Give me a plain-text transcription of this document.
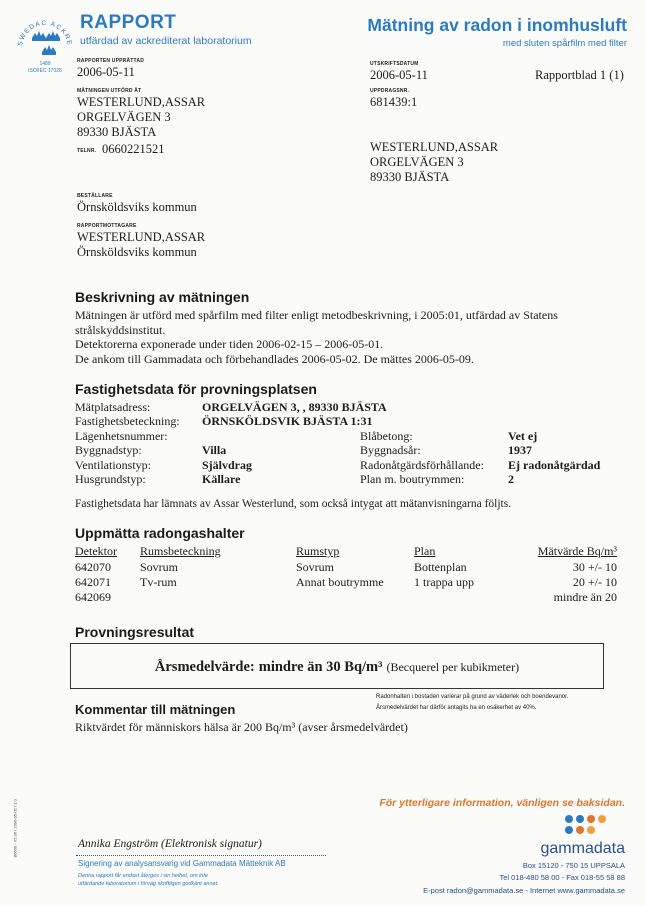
SWEDAC ACKRE
1489
ISO/IEC 17025
RAPPORT
utfärdad av ackrediterat laboratorium
Mätning av radon i inomhusluft
med sluten spårfilm med filter
RAPPORTEN UPPRÄTTAD
2006-05-11
MÄTNINGEN UTFÖRD ÅT
WESTERLUND,ASSAR
ORGELVÄGEN 3
89330 BJÄSTA
TELNR. 0660221521
UTSKRIFTSDATUM
2006-05-11	Rapportblad 1 (1)
UPPDRAGSNR.
681439:1
WESTERLUND,ASSAR
ORGELVÄGEN 3
89330 BJÄSTA
BESTÄLLARE
Örnsköldsviks kommun
RAPPORTMOTTAGARE
WESTERLUND,ASSAR
Örnsköldsviks kommun
Beskrivning av mätningen
Mätningen är utförd med spårfilm med filter enligt metodbeskrivning, i 2005:01, utfärdad av Statens strålskyddsinstitut.
Detektorerna exponerade under tiden 2006-02-15 – 2006-05-01.
De ankom till Gammadata och förbehandlades 2006-05-02. De mättes 2006-05-09.
Fastighetsdata för provningsplatsen
Mätplatsadress:	ORGELVÄGEN 3, , 89330 BJÄSTA
Fastighetsbeteckning: ÖRNSKÖLDSVIK BJÄSTA 1:31
Lägenhetsnummer:
Byggnadstyp:	Villa
Ventilationstyp:	Självdrag
Husgrundstyp:	Källare
Blåbetong:	Vet ej
Byggnadsår:	1937
Radonåtgärdsförhållande: Ej radonåtgärdad
Plan m. boutrymmen:	2
Fastighetsdata har lämnats av Assar Westerlund, som också intygat att mätanvisningarna följts.
Uppmätta radongashalter
Detektor Rumsbeteckning	Rumstyp	Plan	Mätvärde Bq/m³
642070 Sovrum	Sovrum	Bottenplan	30 +/- 10
642071 Tv-rum	Annat boutrymme	1 trappa upp	20 +/- 10
642069	mindre än 20
Provningsresultat
Årsmedelvärde: mindre än 30 Bq/m³ (Becquerel per kubikmeter)
Radonhalten i bostaden varierar på grund av väderlek och boendevanor.
Årsmedelvärdet har därför antagits ha en osäkerhet av 40%.
Kommentar till mätningen
Riktvärdet för människors hälsa är 200 Bq/m³ (avser årsmedelvärdet)
För ytterligare information, vänligen se baksidan.
B0606 - V2.06 / 2006-05-02 / 1.0	Annika Engström (Elektronisk signatur)
Signering av analysansvarig vid Gammadata Mätteknik AB
Denna rapport får endast återges i sin helhet, om inte
utfärdande laboratorium i förväg skriftligen godkänt annat.
gammadata
Box 15120 - 750 15 UPPSALA
Tel 018-480 58 00 - Fax 018-55 58 88
E-post radon@gammadata.se - Internet www.gammadata.se
